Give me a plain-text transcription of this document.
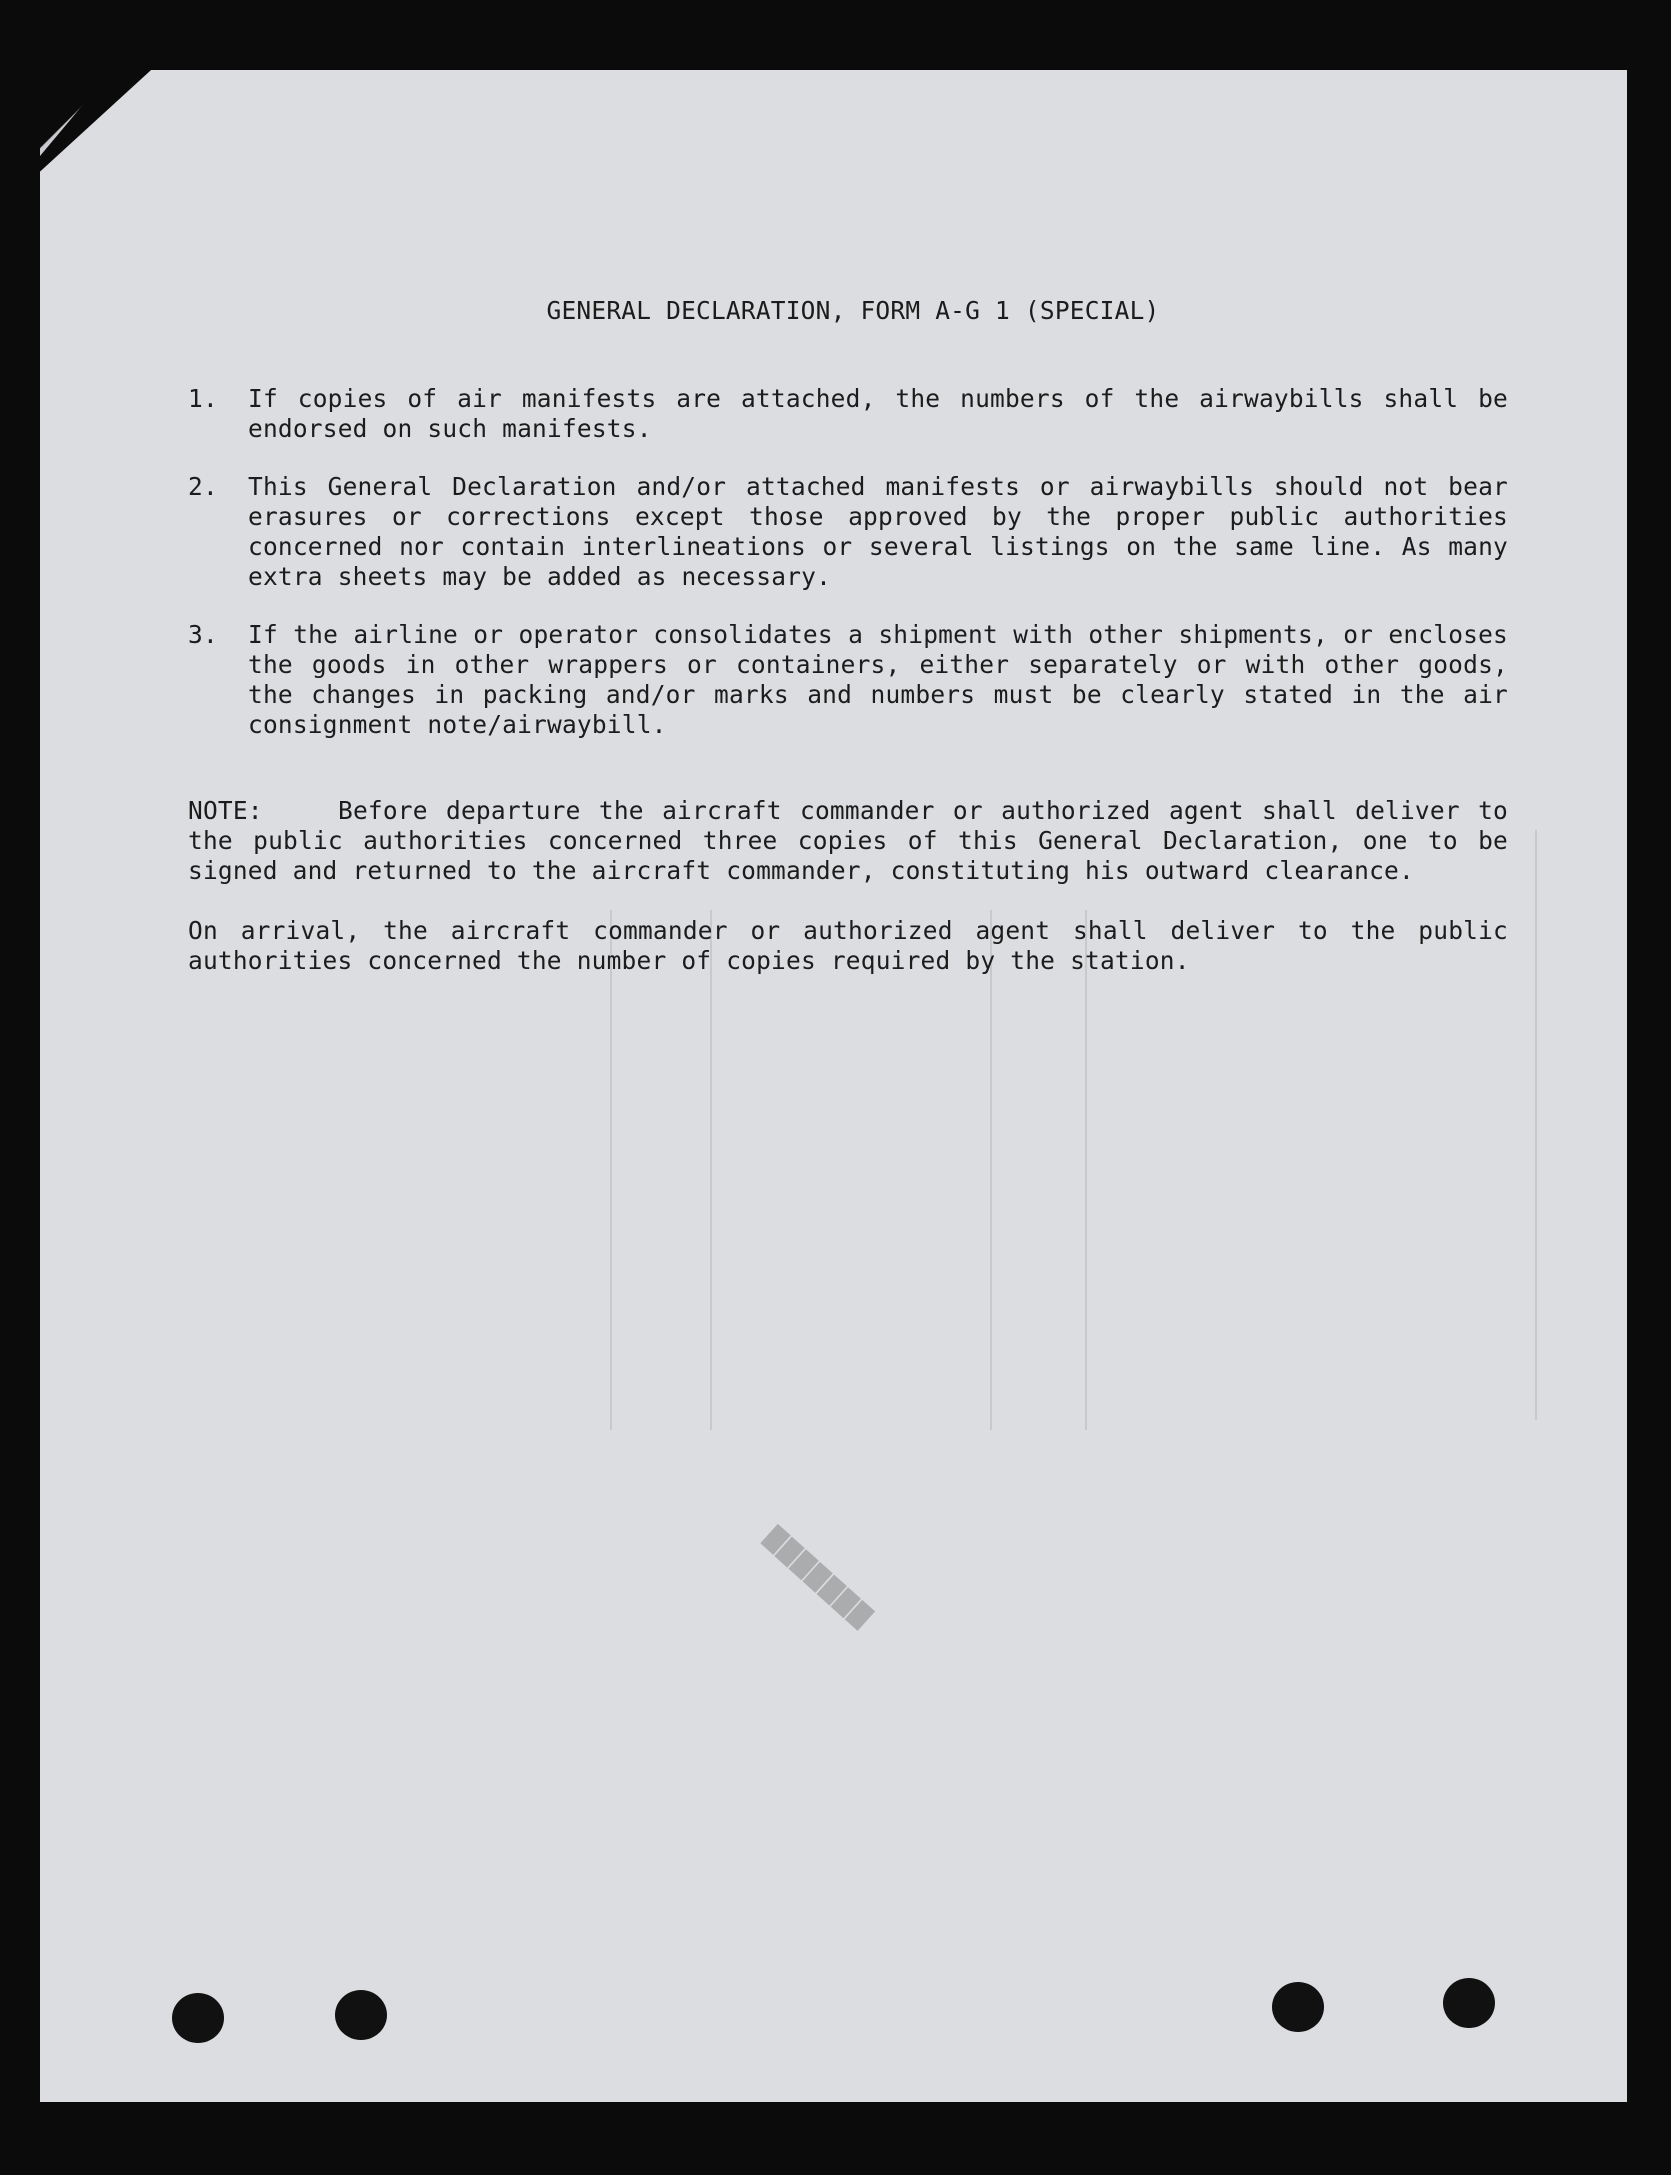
███████
GENERAL DECLARATION, FORM A-G 1 (SPECIAL)
1.	If copies of air manifests are attached, the numbers of the airwaybills shall be endorsed on such manifests.
2.	This General Declaration and/or attached manifests or airwaybills should not bear erasures or corrections except those approved by the proper public authorities concerned nor contain interlineations or several listings on the same line. As many extra sheets may be added as necessary.
3.	If the airline or operator consolidates a shipment with other shipments, or encloses the goods in other wrappers or containers, either separately or with other goods, the changes in packing and/or marks and numbers must be clearly stated in the air consignment note/airwaybill.
NOTE:	Before departure the aircraft commander or authorized agent shall deliver to the public authorities concerned three copies of this General Declaration, one to be signed and returned to the aircraft commander, constituting his outward clearance.
On arrival, the aircraft commander or authorized agent shall deliver to the public authorities concerned the number of copies required by the station.
